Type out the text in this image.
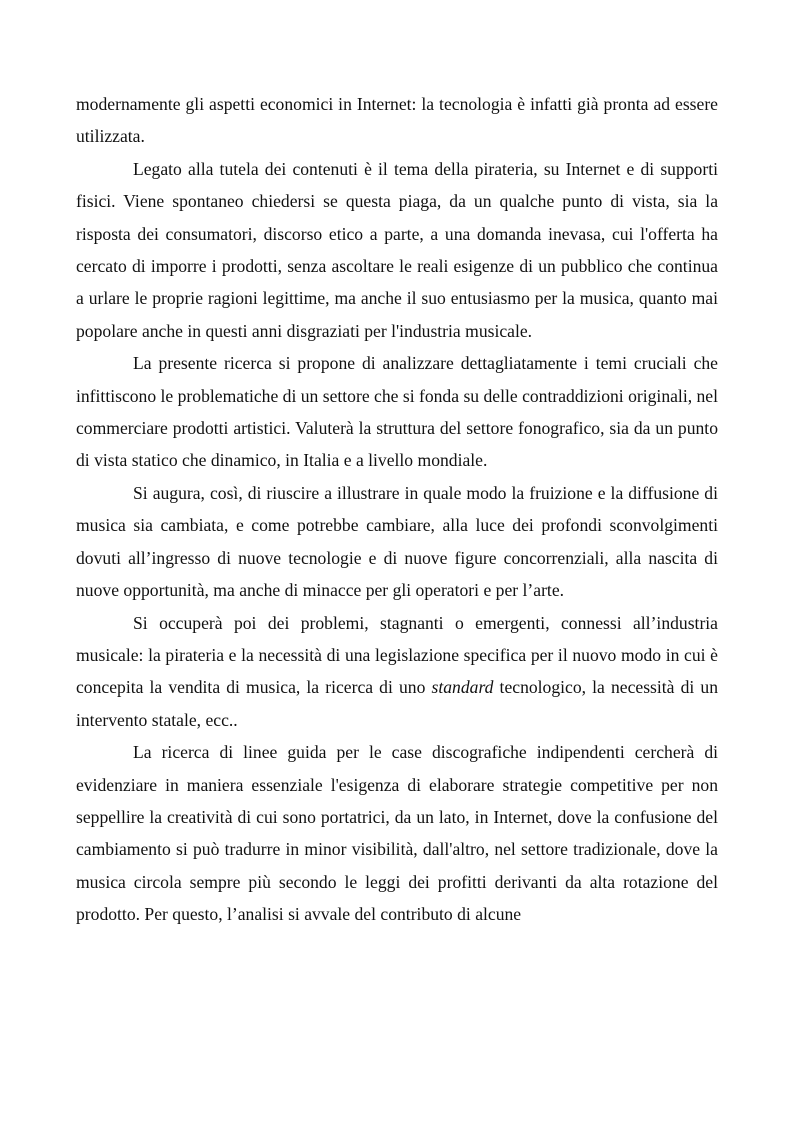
modernamente gli aspetti economici in Internet: la tecnologia è infatti già pronta ad essere utilizzata.

Legato alla tutela dei contenuti è il tema della pirateria, su Internet e di supporti fisici. Viene spontaneo chiedersi se questa piaga, da un qualche punto di vista, sia la risposta dei consumatori, discorso etico a parte, a una domanda inevasa, cui l'offerta ha cercato di imporre i prodotti, senza ascoltare le reali esigenze di un pubblico che continua a urlare le proprie ragioni legittime, ma anche il suo entusiasmo per la musica, quanto mai popolare anche in questi anni disgraziati per l'industria musicale.

La presente ricerca si propone di analizzare dettagliatamente i temi cruciali che infittiscono le problematiche di un settore che si fonda su delle contraddizioni originali, nel commerciare prodotti artistici. Valuterà la struttura del settore fonografico, sia da un punto di vista statico che dinamico, in Italia e a livello mondiale.

Si augura, così, di riuscire a illustrare in quale modo la fruizione e la diffusione di musica sia cambiata, e come potrebbe cambiare, alla luce dei profondi sconvolgimenti dovuti all’ingresso di nuove tecnologie e di nuove figure concorrenziali, alla nascita di nuove opportunità, ma anche di minacce per gli operatori e per l’arte.

Si occuperà poi dei problemi, stagnanti o emergenti, connessi all’industria musicale: la pirateria e la necessità di una legislazione specifica per il nuovo modo in cui è concepita la vendita di musica, la ricerca di uno standard tecnologico, la necessità di un intervento statale, ecc..

La ricerca di linee guida per le case discografiche indipendenti cercherà di evidenziare in maniera essenziale l'esigenza di elaborare strategie competitive per non seppellire la creatività di cui sono portatrici, da un lato, in Internet, dove la confusione del cambiamento si può tradurre in minor visibilità, dall'altro, nel settore tradizionale, dove la musica circola sempre più secondo le leggi dei profitti derivanti da alta rotazione del prodotto. Per questo, l’analisi si avvale del contributo di alcune
